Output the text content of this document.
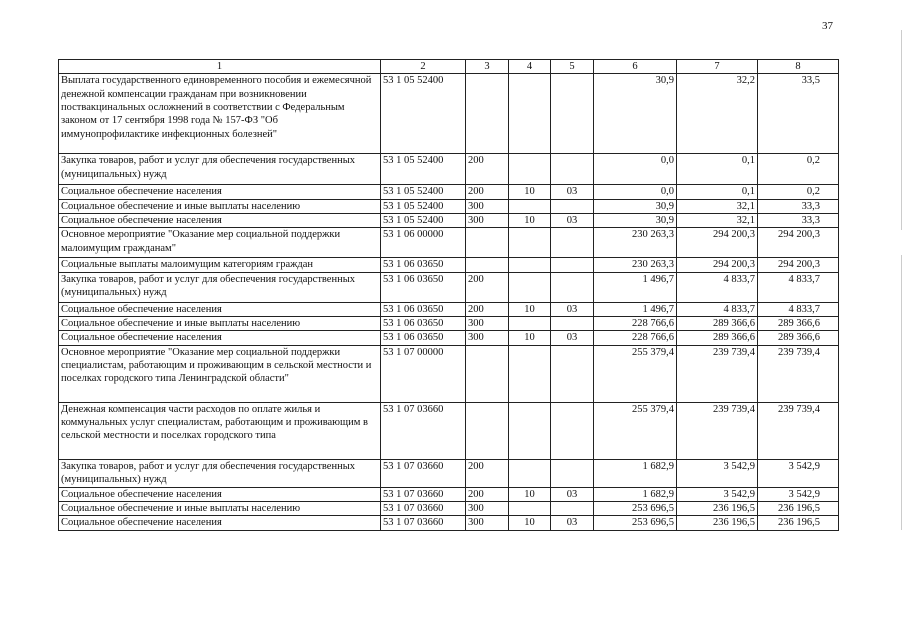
37
1	2	3	4	5	6	7	8
Выплата государственного единовременного пособия и ежемесячной денежной компенсации гражданам при возникновении поствакцинальных осложнений в соответствии с Федеральным законом от 17 сентября 1998 года № 157-ФЗ "Об иммунопрофилактике инфекционных болезней"	53 1 05 52400				30,9	32,2	33,5
Закупка товаров, работ и услуг для обеспечения государственных (муниципальных) нужд	53 1 05 52400	200			0,0	0,1	0,2
Социальное обеспечение населения	53 1 05 52400	200	10	03	0,0	0,1	0,2
Социальное обеспечение и иные выплаты населению	53 1 05 52400	300			30,9	32,1	33,3
Социальное обеспечение населения	53 1 05 52400	300	10	03	30,9	32,1	33,3
Основное мероприятие "Оказание мер социальной поддержки малоимущим гражданам"	53 1 06 00000				230 263,3	294 200,3	294 200,3
Социальные выплаты малоимущим категориям граждан	53 1 06 03650				230 263,3	294 200,3	294 200,3
Закупка товаров, работ и услуг для обеспечения государственных (муниципальных) нужд	53 1 06 03650	200			1 496,7	4 833,7	4 833,7
Социальное обеспечение населения	53 1 06 03650	200	10	03	1 496,7	4 833,7	4 833,7
Социальное обеспечение и иные выплаты населению	53 1 06 03650	300			228 766,6	289 366,6	289 366,6
Социальное обеспечение населения	53 1 06 03650	300	10	03	228 766,6	289 366,6	289 366,6
Основное мероприятие "Оказание мер социальной поддержки специалистам, работающим и проживающим в сельской местности и поселках городского типа Ленинградской области"	53 1 07 00000				255 379,4	239 739,4	239 739,4
Денежная компенсация части расходов по оплате жилья и коммунальных услуг специалистам, работающим и проживающим в сельской местности и поселках городского типа	53 1 07 03660				255 379,4	239 739,4	239 739,4
Закупка товаров, работ и услуг для обеспечения государственных (муниципальных) нужд	53 1 07 03660	200			1 682,9	3 542,9	3 542,9
Социальное обеспечение населения	53 1 07 03660	200	10	03	1 682,9	3 542,9	3 542,9
Социальное обеспечение и иные выплаты населению	53 1 07 03660	300			253 696,5	236 196,5	236 196,5
Социальное обеспечение населения	53 1 07 03660	300	10	03	253 696,5	236 196,5	236 196,5
